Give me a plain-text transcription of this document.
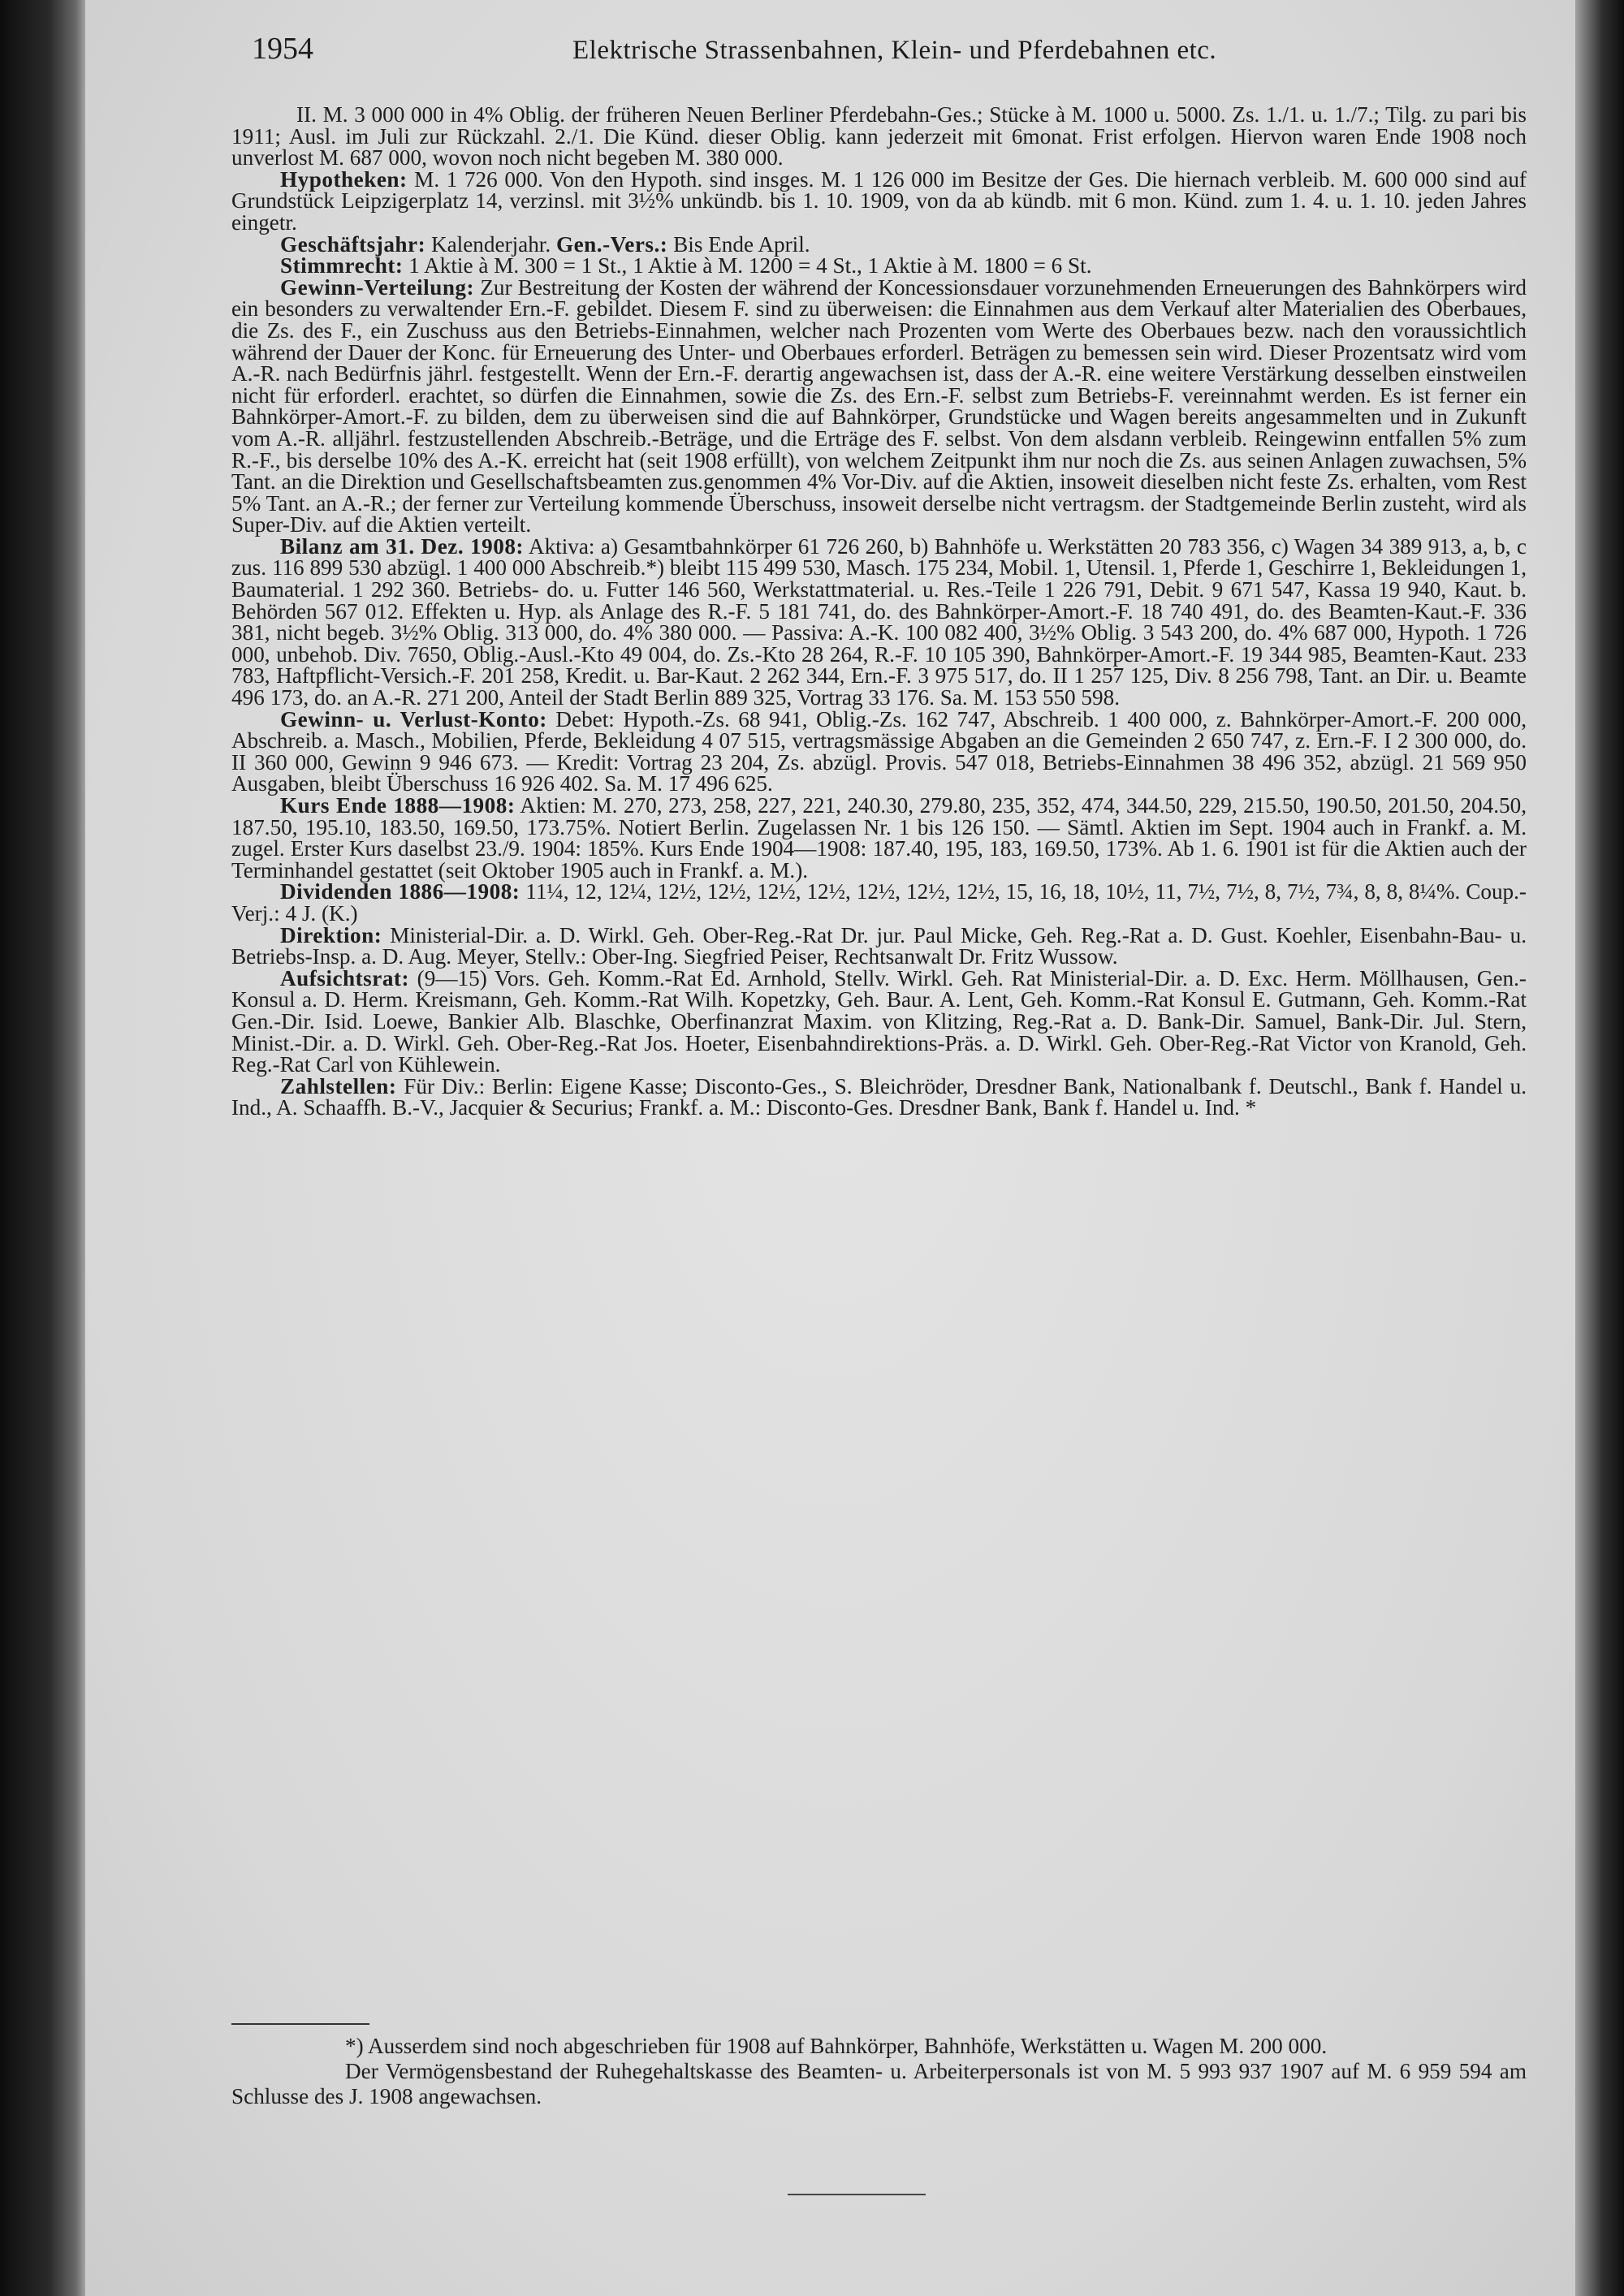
1954	Elektrische Strassenbahnen, Klein- und Pferdebahnen etc.

II. M. 3 000 000 in 4% Oblig. der früheren Neuen Berliner Pferdebahn-Ges.; Stücke à M. 1000 u. 5000. Zs. 1./1. u. 1./7.; Tilg. zu pari bis 1911; Ausl. im Juli zur Rückzahl. 2./1. Die Künd. dieser Oblig. kann jederzeit mit 6monat. Frist erfolgen. Hiervon waren Ende 1908 noch unverlost M. 687 000, wovon noch nicht begeben M. 380 000.

Hypotheken: M. 1 726 000. Von den Hypoth. sind insges. M. 1 126 000 im Besitze der Ges. Die hiernach verbleib. M. 600 000 sind auf Grundstück Leipzigerplatz 14, verzinsl. mit 3½% unkündb. bis 1. 10. 1909, von da ab kündb. mit 6 mon. Künd. zum 1. 4. u. 1. 10. jeden Jahres eingetr.

Geschäftsjahr: Kalenderjahr. Gen.-Vers.: Bis Ende April.

Stimmrecht: 1 Aktie à M. 300 = 1 St., 1 Aktie à M. 1200 = 4 St., 1 Aktie à M. 1800 = 6 St.

Gewinn-Verteilung: Zur Bestreitung der Kosten der während der Koncessionsdauer vorzunehmenden Erneuerungen des Bahnkörpers wird ein besonders zu verwaltender Ern.-F. gebildet. Diesem F. sind zu überweisen: die Einnahmen aus dem Verkauf alter Materialien des Oberbaues, die Zs. des F., ein Zuschuss aus den Betriebs-Einnahmen, welcher nach Prozenten vom Werte des Oberbaues bezw. nach den voraussichtlich während der Dauer der Konc. für Erneuerung des Unter- und Oberbaues erforderl. Beträgen zu bemessen sein wird. Dieser Prozentsatz wird vom A.-R. nach Bedürfnis jährl. festgestellt. Wenn der Ern.-F. derartig angewachsen ist, dass der A.-R. eine weitere Verstärkung desselben einstweilen nicht für erforderl. erachtet, so dürfen die Einnahmen, sowie die Zs. des Ern.-F. selbst zum Betriebs-F. vereinnahmt werden. Es ist ferner ein Bahnkörper-Amort.-F. zu bilden, dem zu überweisen sind die auf Bahnkörper, Grundstücke und Wagen bereits angesammelten und in Zukunft vom A.-R. alljährl. festzustellenden Abschreib.-Beträge, und die Erträge des F. selbst. Von dem alsdann verbleib. Reingewinn entfallen 5% zum R.-F., bis derselbe 10% des A.-K. erreicht hat (seit 1908 erfüllt), von welchem Zeitpunkt ihm nur noch die Zs. aus seinen Anlagen zuwachsen, 5% Tant. an die Direktion und Gesellschaftsbeamten zus.genommen 4% Vor-Div. auf die Aktien, insoweit dieselben nicht feste Zs. erhalten, vom Rest 5% Tant. an A.-R.; der ferner zur Verteilung kommende Überschuss, insoweit derselbe nicht vertragsm. der Stadtgemeinde Berlin zusteht, wird als Super-Div. auf die Aktien verteilt.

Bilanz am 31. Dez. 1908: Aktiva: a) Gesamtbahnkörper 61 726 260, b) Bahnhöfe u. Werkstätten 20 783 356, c) Wagen 34 389 913, a, b, c zus. 116 899 530 abzügl. 1 400 000 Abschreib.*) bleibt 115 499 530, Masch. 175 234, Mobil. 1, Utensil. 1, Pferde 1, Geschirre 1, Bekleidungen 1, Baumaterial. 1 292 360. Betriebs- do. u. Futter 146 560, Werkstattmaterial. u. Res.-Teile 1 226 791, Debit. 9 671 547, Kassa 19 940, Kaut. b. Behörden 567 012. Effekten u. Hyp. als Anlage des R.-F. 5 181 741, do. des Bahnkörper-Amort.-F. 18 740 491, do. des Beamten-Kaut.-F. 336 381, nicht begeb. 3½% Oblig. 313 000, do. 4% 380 000. — Passiva: A.-K. 100 082 400, 3½% Oblig. 3 543 200, do. 4% 687 000, Hypoth. 1 726 000, unbehob. Div. 7650, Oblig.-Ausl.-Kto 49 004, do. Zs.-Kto 28 264, R.-F. 10 105 390, Bahnkörper-Amort.-F. 19 344 985, Beamten-Kaut. 233 783, Haftpflicht-Versich.-F. 201 258, Kredit. u. Bar-Kaut. 2 262 344, Ern.-F. 3 975 517, do. II 1 257 125, Div. 8 256 798, Tant. an Dir. u. Beamte 496 173, do. an A.-R. 271 200, Anteil der Stadt Berlin 889 325, Vortrag 33 176. Sa. M. 153 550 598.

Gewinn- u. Verlust-Konto: Debet: Hypoth.-Zs. 68 941, Oblig.-Zs. 162 747, Abschreib. 1 400 000, z. Bahnkörper-Amort.-F. 200 000, Abschreib. a. Masch., Mobilien, Pferde, Bekleidung 4 07 515, vertragsmässige Abgaben an die Gemeinden 2 650 747, z. Ern.-F. I 2 300 000, do. II 360 000, Gewinn 9 946 673. — Kredit: Vortrag 23 204, Zs. abzügl. Provis. 547 018, Betriebs-Einnahmen 38 496 352, abzügl. 21 569 950 Ausgaben, bleibt Überschuss 16 926 402. Sa. M. 17 496 625.

Kurs Ende 1888—1908: Aktien: M. 270, 273, 258, 227, 221, 240.30, 279.80, 235, 352, 474, 344.50, 229, 215.50, 190.50, 201.50, 204.50, 187.50, 195.10, 183.50, 169.50, 173.75%. Notiert Berlin. Zugelassen Nr. 1 bis 126 150. — Sämtl. Aktien im Sept. 1904 auch in Frankf. a. M. zugel. Erster Kurs daselbst 23./9. 1904: 185%. Kurs Ende 1904—1908: 187.40, 195, 183, 169.50, 173%. Ab 1. 6. 1901 ist für die Aktien auch der Terminhandel gestattet (seit Oktober 1905 auch in Frankf. a. M.).

Dividenden 1886—1908: 11¼, 12, 12¼, 12½, 12½, 12½, 12½, 12½, 12½, 12½, 15, 16, 18, 10½, 11, 7½, 7½, 8, 7½, 7¾, 8, 8, 8¼%. Coup.-Verj.: 4 J. (K.)

Direktion: Ministerial-Dir. a. D. Wirkl. Geh. Ober-Reg.-Rat Dr. jur. Paul Micke, Geh. Reg.-Rat a. D. Gust. Koehler, Eisenbahn-Bau- u. Betriebs-Insp. a. D. Aug. Meyer, Stellv.: Ober-Ing. Siegfried Peiser, Rechtsanwalt Dr. Fritz Wussow.

Aufsichtsrat: (9—15) Vors. Geh. Komm.-Rat Ed. Arnhold, Stellv. Wirkl. Geh. Rat Ministerial-Dir. a. D. Exc. Herm. Möllhausen, Gen.-Konsul a. D. Herm. Kreismann, Geh. Komm.-Rat Wilh. Kopetzky, Geh. Baur. A. Lent, Geh. Komm.-Rat Konsul E. Gutmann, Geh. Komm.-Rat Gen.-Dir. Isid. Loewe, Bankier Alb. Blaschke, Oberfinanzrat Maxim. von Klitzing, Reg.-Rat a. D. Bank-Dir. Samuel, Bank-Dir. Jul. Stern, Minist.-Dir. a. D. Wirkl. Geh. Ober-Reg.-Rat Jos. Hoeter, Eisenbahndirektions-Präs. a. D. Wirkl. Geh. Ober-Reg.-Rat Victor von Kranold, Geh. Reg.-Rat Carl von Kühlewein.

Zahlstellen: Für Div.: Berlin: Eigene Kasse; Disconto-Ges., S. Bleichröder, Dresdner Bank, Nationalbank f. Deutschl., Bank f. Handel u. Ind., A. Schaaffh. B.-V., Jacquier & Securius; Frankf. a. M.: Disconto-Ges. Dresdner Bank, Bank f. Handel u. Ind. *

*) Ausserdem sind noch abgeschrieben für 1908 auf Bahnkörper, Bahnhöfe, Werkstätten u. Wagen M. 200 000.

Der Vermögensbestand der Ruhegehaltskasse des Beamten- u. Arbeiterpersonals ist von M. 5 993 937 1907 auf M. 6 959 594 am Schlusse des J. 1908 angewachsen.
